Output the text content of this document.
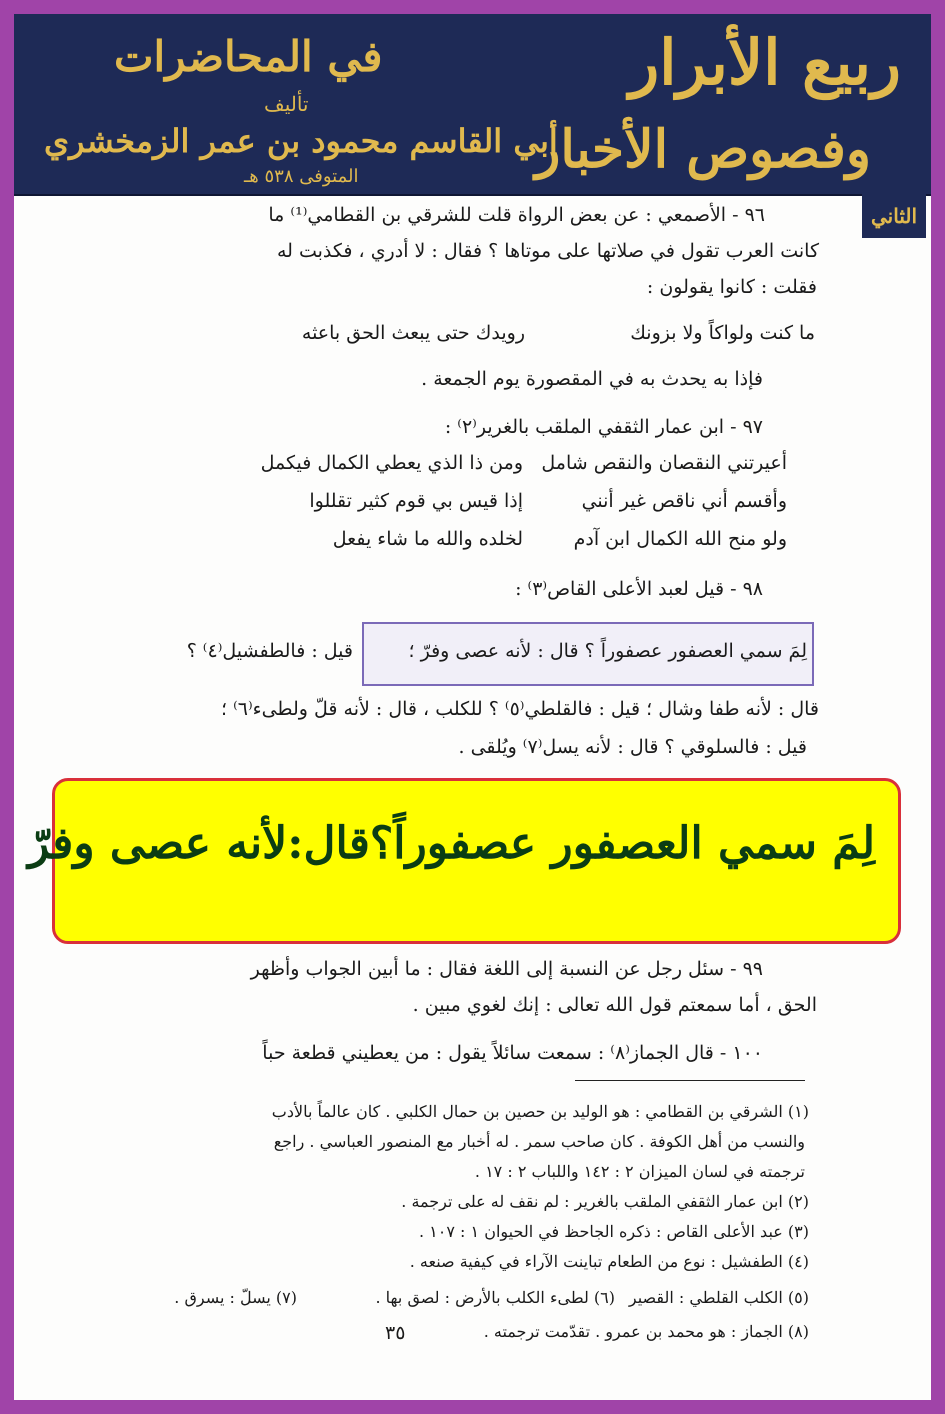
ربيع الأبرار
وفصوص الأخبار
في المحاضرات
تأليف
أبي القاسم محمود بن عمر الزمخشري
المتوفى ٥٣٨ هـ
الثاني
٩٦ - الأصمعي : عن بعض الرواة قلت للشرقي بن القطامي⁽¹⁾ ما
كانت العرب تقول في صلاتها على موتاها ؟ فقال : لا أدري ، فكذبت له
فقلت : كانوا يقولون :
ما كنت ولواكاً ولا بزونك
رويدك حتى يبعث الحق باعثه
فإذا به يحدث به في المقصورة يوم الجمعة .
٩٧ - ابن عمار الثقفي الملقب بالغرير⁽٢⁾ :
أعيرتني النقصان والنقص شامل
ومن ذا الذي يعطي الكمال فيكمل
وأقسم أني ناقص غير أنني
إذا قيس بي قوم كثير تقللوا
ولو منح الله الكمال ابن آدم
لخلده والله ما شاء يفعل
٩٨ - قيل لعبد الأعلى القاص⁽٣⁾ :
لِمَ سمي العصفور عصفوراً ؟ قال : لأنه عصى وفرّ ؛
قيل : فالطفشيل⁽٤⁾ ؟
قال : لأنه طفا وشال ؛ قيل : فالقلطي⁽٥⁾ ؟ للكلب ، قال : لأنه قلّ ولطىء⁽٦⁾ ؛
قيل : فالسلوقي ؟ قال : لأنه يسل⁽٧⁾ ويُلقى .
لِمَ سمي العصفور عصفوراً؟قال:لأنه عصى وفرّ
٩٩ - سئل رجل عن النسبة إلى اللغة فقال : ما أبين الجواب وأظهر
الحق ، أما سمعتم قول الله تعالى : إنك لغوي مبين .
١٠٠ - قال الجماز⁽٨⁾ : سمعت سائلاً يقول : من يعطيني قطعة حباً
(١) الشرقي بن القطامي : هو الوليد بن حصين بن حمال الكلبي . كان عالماً بالأدب
والنسب من أهل الكوفة . كان صاحب سمر . له أخبار مع المنصور العباسي . راجع
ترجمته في لسان الميزان ٢ : ١٤٢ واللباب ٢ : ١٧ .
(٢) ابن عمار الثقفي الملقب بالغرير : لم نقف له على ترجمة .
(٣) عبد الأعلى القاص : ذكره الجاحظ في الحيوان ١ : ١٠٧ .
(٤) الطفشيل : نوع من الطعام تباينت الآراء في كيفية صنعه .
(٥) الكلب القلطي : القصير
(٦) لطىء الكلب بالأرض : لصق بها .
(٧) يسلّ : يسرق .
(٨) الجماز : هو محمد بن عمرو . تقدّمت ترجمته .
٣٥
